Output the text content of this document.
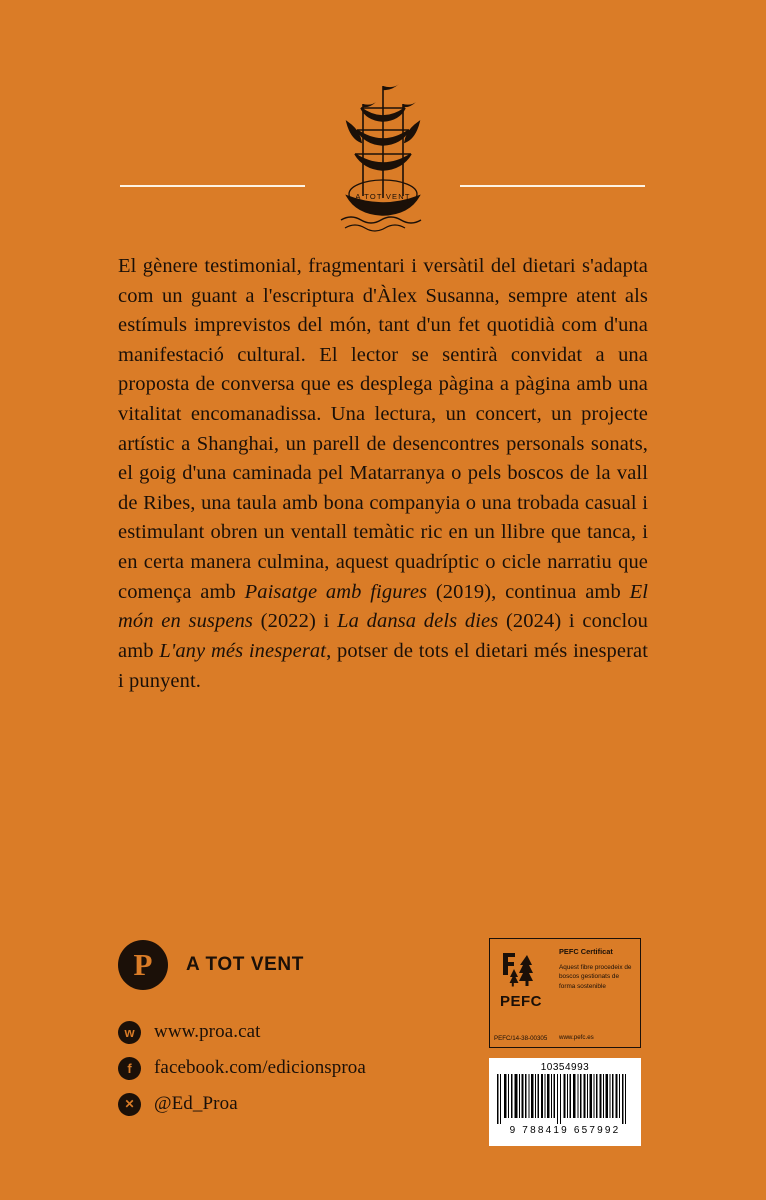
A TOT VENT
El gènere testimonial, fragmentari i versàtil del dietari s'adapta com un guant a l'escriptura d'Àlex Susanna, sempre atent als estímuls imprevistos del món, tant d'un fet quotidià com d'una manifestació cultural. El lector se sentirà convidat a una proposta de conversa que es desplega pàgina a pàgina amb una vitalitat encomanadissa. Una lectura, un concert, un projecte artístic a Shanghai, un parell de desencontres personals sonats, el goig d'una caminada pel Matarranya o pels boscos de la vall de Ribes, una taula amb bona companyia o una trobada casual i estimulant obren un ventall temàtic ric en un llibre que tanca, i en certa manera culmina, aquest quadríptic o cicle narratiu que comença amb Paisatge amb figures (2019), continua amb El món en suspens (2022) i La dansa dels dies (2024) i conclou amb L'any més inesperat, potser de tots el dietari més inesperat i punyent.
P	A TOT VENT
w	www.proa.cat
f	facebook.com/edicionsproa
✕	@Ed_Proa
PEFC
PEFC/14-38-00305
PEFC Certificat
Aquest fibre procedeix de boscos gestionats de forma sostenible
www.pefc.es
10354993
9 788419 657992
